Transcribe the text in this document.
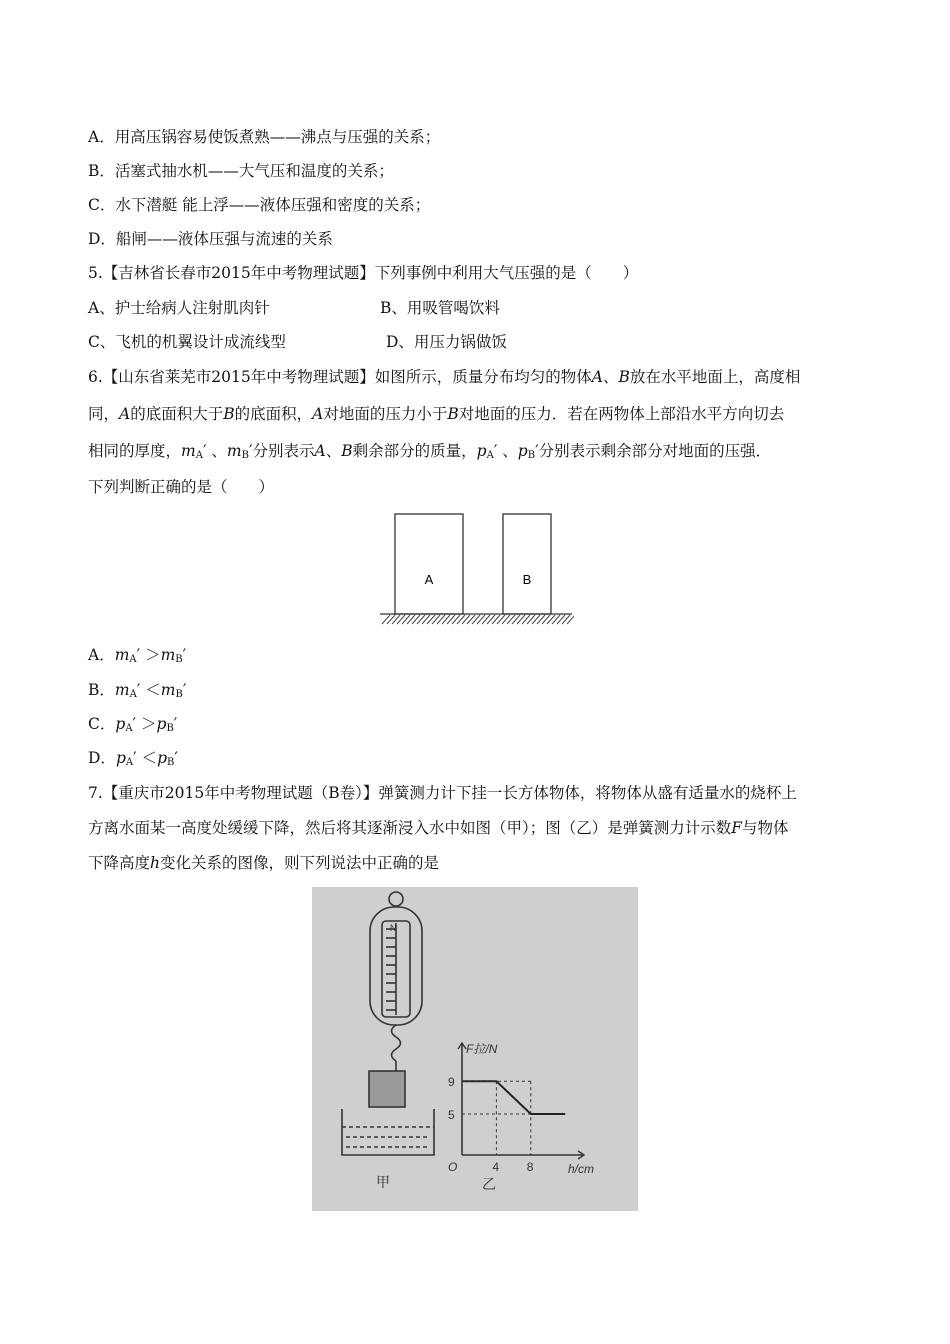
A．用高压锅容易使饭煮熟——沸点与压强的关系；
B．活塞式抽水机——大气压和温度的关系；
C．水下潜艇 能上浮——液体压强和密度的关系；
D．船闸——液体压强与流速的关系
5.【吉林省长春市2015年中考物理试题】下列事例中利用大气压强的是（　　）
A、护士给病人注射肌肉针	B、用吸管喝饮料
C、飞机的机翼设计成流线型	D、用压力锅做饭
6.【山东省莱芜市2015年中考物理试题】如图所示，质量分布均匀的物体A、B放在水平地面上，高度相
同，A的底面积大于B的底面积，A对地面的压力小于B对地面的压力．若在两物体上部沿水平方向切去
相同的厚度，$m_A'$ 、$m_B'$分别表示A、B剩余部分的质量，$p_A'$ 、$p_B'$分别表示剩余部分对地面的压强．
下列判断正确的是（　　）
A	B
A．$m_A' >m_B'$
B．$m_A' <m_B'$
C．$p_A' >p_B'$
D．$p_A' <p_B'$
7.【重庆市2015年中考物理试题（B卷）】弹簧测力计下挂一长方体物体，将物体从盛有适量水的烧杯上
方离水面某一高度处缓缓下降，然后将其逐渐浸入水中如图（甲）；图（乙）是弹簧测力计示数F与物体
下降高度h变化关系的图像，则下列说法中正确的是
N
甲
9
5
4 8
O
F拉/N
h/cm
乙
